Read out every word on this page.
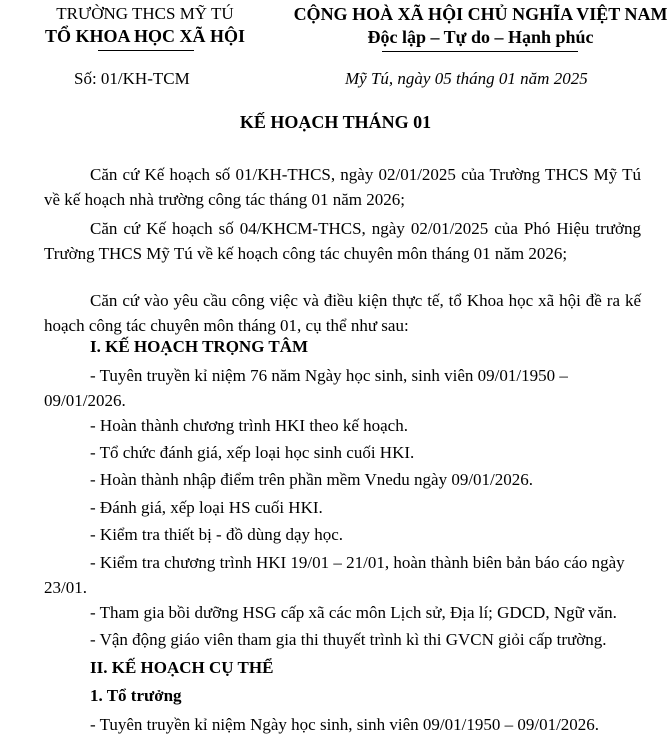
TRƯỜNG THCS MỸ TÚ
TỔ KHOA HỌC XÃ HỘI
CỘNG HOÀ XÃ HỘI CHỦ NGHĨA VIỆT NAM
Độc lập – Tự do – Hạnh phúc
Số: 01/KH-TCM	Mỹ Tú, ngày 05 tháng 01 năm 2025
KẾ HOẠCH THÁNG 01
Căn cứ Kế hoạch số 01/KH-THCS, ngày 02/01/2025 của Trường THCS Mỹ Tú về kế hoạch nhà trường công tác tháng 01 năm 2026;
Căn cứ Kế hoạch số 04/KHCM-THCS, ngày 02/01/2025 của Phó Hiệu trưởng Trường THCS Mỹ Tú về kế hoạch công tác chuyên môn tháng 01 năm 2026;
Căn cứ vào yêu cầu công việc và điều kiện thực tế, tổ Khoa học xã hội đề ra kế hoạch công tác chuyên môn tháng 01, cụ thể như sau:
I. KẾ HOẠCH TRỌNG TÂM
- Tuyên truyền kỉ niệm 76 năm Ngày học sinh, sinh viên 09/01/1950 – 09/01/2026.
- Hoàn thành chương trình HKI theo kế hoạch.
- Tổ chức đánh giá, xếp loại học sinh cuối HKI.
- Hoàn thành nhập điểm trên phần mềm Vnedu ngày 09/01/2026.
- Đánh giá, xếp loại HS cuối HKI.
- Kiểm tra thiết bị - đồ dùng dạy học.
- Kiểm tra chương trình HKI 19/01 – 21/01, hoàn thành biên bản báo cáo ngày 23/01.
- Tham gia bồi dưỡng HSG cấp xã các môn Lịch sử, Địa lí; GDCD, Ngữ văn.
- Vận động giáo viên tham gia thi thuyết trình kì thi GVCN giỏi cấp trường.
II. KẾ HOẠCH CỤ THỂ
1. Tổ trưởng
- Tuyên truyền kỉ niệm Ngày học sinh, sinh viên 09/01/1950 – 09/01/2026.
